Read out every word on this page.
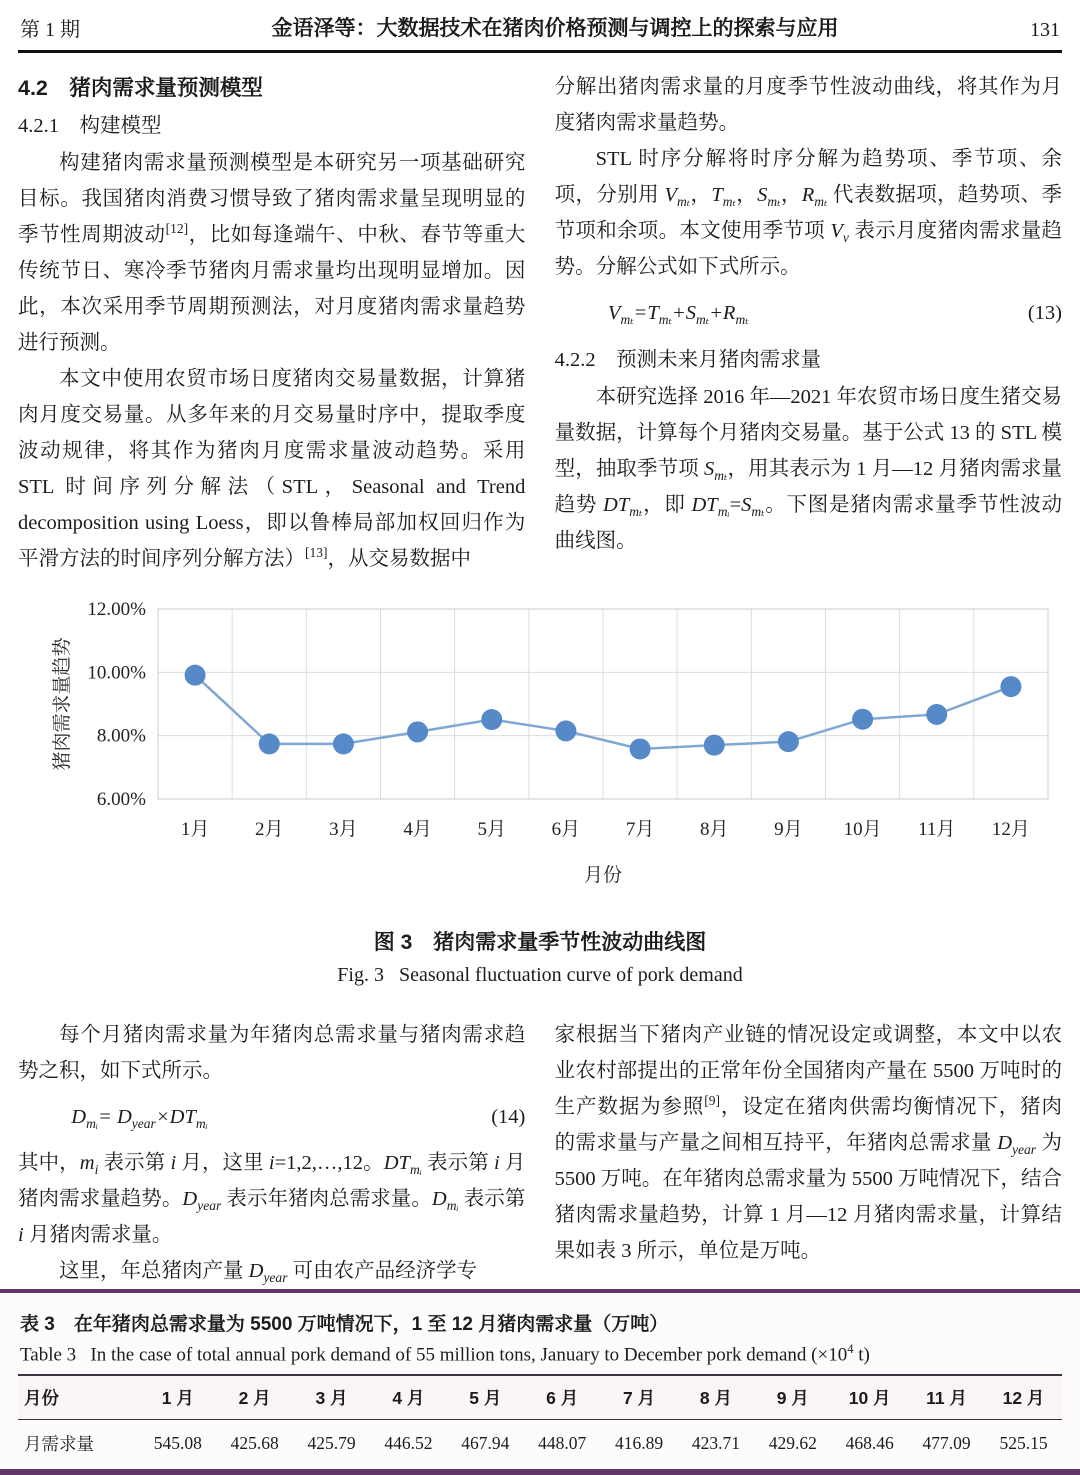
第 1 期	金语泽等：大数据技术在猪肉价格预测与调控上的探索与应用	131
4.2　猪肉需求量预测模型
4.2.1　构建模型
构建猪肉需求量预测模型是本研究另一项基础研究目标。我国猪肉消费习惯导致了猪肉需求量呈现明显的季节性周期波动[12]，比如每逢端午、中秋、春节等重大传统节日、寒冷季节猪肉月需求量均出现明显增加。因此，本次采用季节周期预测法，对月度猪肉需求量趋势进行预测。
本文中使用农贸市场日度猪肉交易量数据，计算猪肉月度交易量。从多年来的月交易量时序中，提取季度波动规律，将其作为猪肉月度需求量波动趋势。采用 STL 时间序列分解法（STL，Seasonal and Trend decomposition using Loess，即以鲁棒局部加权回归作为平滑方法的时间序列分解方法）[13]，从交易数据中
分解出猪肉需求量的月度季节性波动曲线，将其作为月度猪肉需求量趋势。
STL 时序分解将时序分解为趋势项、季节项、余项，分别用 $V_{m_t}$，$T_{m_t}$，$S_{m_t}$，$R_{m_t}$ 代表数据项，趋势项、季节项和余项。本文使用季节项 $V_v$ 表示月度猪肉需求量趋势。分解公式如下式所示。
$V_{m_t}=T_{m_t}+S_{m_t}+R_{m_t}$	(13)
4.2.2　预测未来月猪肉需求量
本研究选择 2016 年—2021 年农贸市场日度生猪交易量数据，计算每个月猪肉交易量。基于公式 13 的 STL 模型，抽取季节项 $S_{m_t}$，用其表示为 1 月—12 月猪肉需求量趋势 $DT_{m_t}$，即 $DT_{mᵢ}=S_{m_t}$。下图是猪肉需求量季节性波动曲线图。
6.00%
8.00%
10.00%
12.00%
1月 2月 3月 4月 5月 6月 7月 8月 9月 10月 11月 12月
月份
猪肉需求量趋势
图 3　猪肉需求量季节性波动曲线图
Fig. 3   Seasonal fluctuation curve of pork demand
每个月猪肉需求量为年猪肉总需求量与猪肉需求趋势之积，如下式所示。
$D_{mᵢ}= D_{year}\times DT_{mᵢ}$	(14)
其中，$m_i$ 表示第 i 月，这里 i=1,2,…,12。$DT_{mᵢ}$ 表示第 i 月猪肉需求量趋势。$D_{year}$ 表示年猪肉总需求量。$D_{mᵢ}$ 表示第 i 月猪肉需求量。
这里，年总猪肉产量 $D_{year}$ 可由农产品经济学专
家根据当下猪肉产业链的情况设定或调整，本文中以农业农村部提出的正常年份全国猪肉产量在 5500 万吨时的生产数据为参照[9]，设定在猪肉供需均衡情况下，猪肉的需求量与产量之间相互持平，年猪肉总需求量 $D_{year}$ 为 5500 万吨。在年猪肉总需求量为 5500 万吨情况下，结合猪肉需求量趋势，计算 1 月—12 月猪肉需求量，计算结果如表 3 所示，单位是万吨。
表 3　在年猪肉总需求量为 5500 万吨情况下，1 至 12 月猪肉需求量（万吨）
Table 3   In the case of total annual pork demand of 55 million tons, January to December pork demand ($\times 10^4$ t)
月份	1 月	2 月	3 月	4 月	5 月	6 月	7 月	8 月	9 月	10 月	11 月	12 月
月需求量	545.08	425.68	425.79	446.52	467.94	448.07	416.89	423.71	429.62	468.46	477.09	525.15
